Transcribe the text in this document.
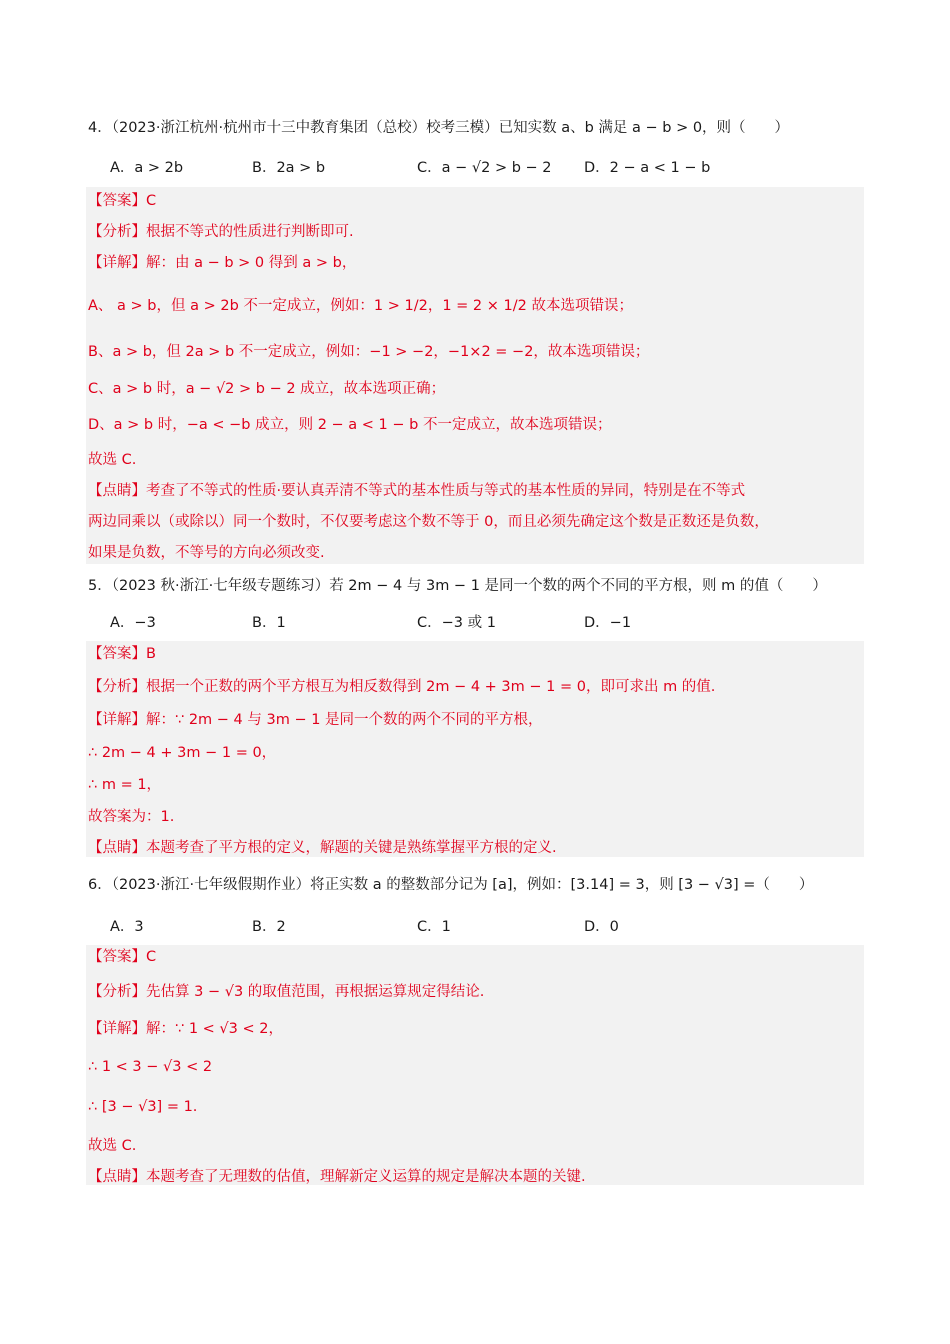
4．（2023·浙江杭州·杭州市十三中教育集团（总校）校考三模）已知实数 a、b 满足 a − b > 0，则（　　）
A．a > 2b	B．2a > b	C．a − √2 > b − 2 D．2 − a < 1 − b
【答案】C
【分析】根据不等式的性质进行判断即可.
【详解】解：由 a − b > 0 得到 a > b，
A、 a > b，但 a > 2b 不一定成立，例如：1 > 1/2，1 = 2 × 1/2 故本选项错误；
B、a > b，但 2a > b 不一定成立，例如：−1 > −2，−1×2 = −2，故本选项错误；
C、a > b 时，a − √2 > b − 2 成立，故本选项正确；
D、a > b 时，−a < −b 成立，则 2 − a < 1 − b 不一定成立，故本选项错误；
故选 C.
【点睛】考查了不等式的性质·要认真弄清不等式的基本性质与等式的基本性质的异同，特别是在不等式
两边同乘以（或除以）同一个数时，不仅要考虑这个数不等于 0，而且必须先确定这个数是正数还是负数，
如果是负数，不等号的方向必须改变.
5．（2023 秋·浙江·七年级专题练习）若 2m − 4 与 3m − 1 是同一个数的两个不同的平方根，则 m 的值（　　）
A．−3	B．1	C．−3 或 1	D．−1
【答案】B
【分析】根据一个正数的两个平方根互为相反数得到 2m − 4 + 3m − 1 = 0，即可求出 m 的值.
【详解】解：∵ 2m − 4 与 3m − 1 是同一个数的两个不同的平方根，
∴ 2m − 4 + 3m − 1 = 0，
∴ m = 1，
故答案为：1.
【点睛】本题考查了平方根的定义，解题的关键是熟练掌握平方根的定义.
6．（2023·浙江·七年级假期作业）将正实数 a 的整数部分记为 [a]，例如：[3.14] = 3，则 [3 − √3] =（　　）
A．3	B．2	C．1	D．0
【答案】C
【分析】先估算 3 − √3 的取值范围，再根据运算规定得结论.
【详解】解：∵ 1 < √3 < 2，
∴ 1 < 3 − √3 < 2
∴ [3 − √3] = 1.
故选 C.
【点睛】本题考查了无理数的估值，理解新定义运算的规定是解决本题的关键.
